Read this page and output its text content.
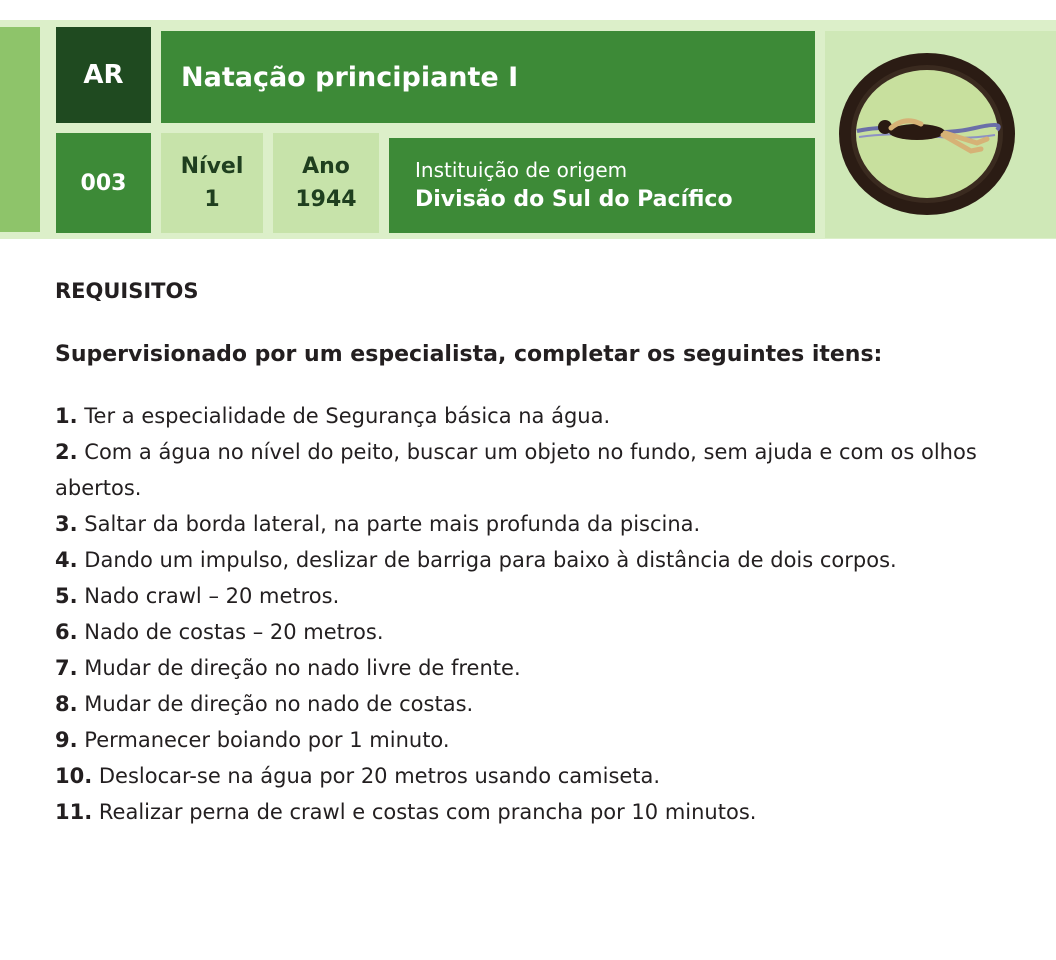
AR Natação principiante I
003
Nível
1
Ano
1944
Instituição de origem
Divisão do Sul do Pacífico
REQUISITOS
Supervisionado por um especialista, completar os seguintes itens:
1. Ter a especialidade de Segurança básica na água.
2. Com a água no nível do peito, buscar um objeto no fundo, sem ajuda e com os olhos abertos.
3. Saltar da borda lateral, na parte mais profunda da piscina.
4. Dando um impulso, deslizar de barriga para baixo à distância de dois corpos.
5. Nado crawl – 20 metros.
6. Nado de costas – 20 metros.
7. Mudar de direção no nado livre de frente.
8. Mudar de direção no nado de costas.
9. Permanecer boiando por 1 minuto.
10. Deslocar-se na água por 20 metros usando camiseta.
11. Realizar perna de crawl e costas com prancha por 10 minutos.
